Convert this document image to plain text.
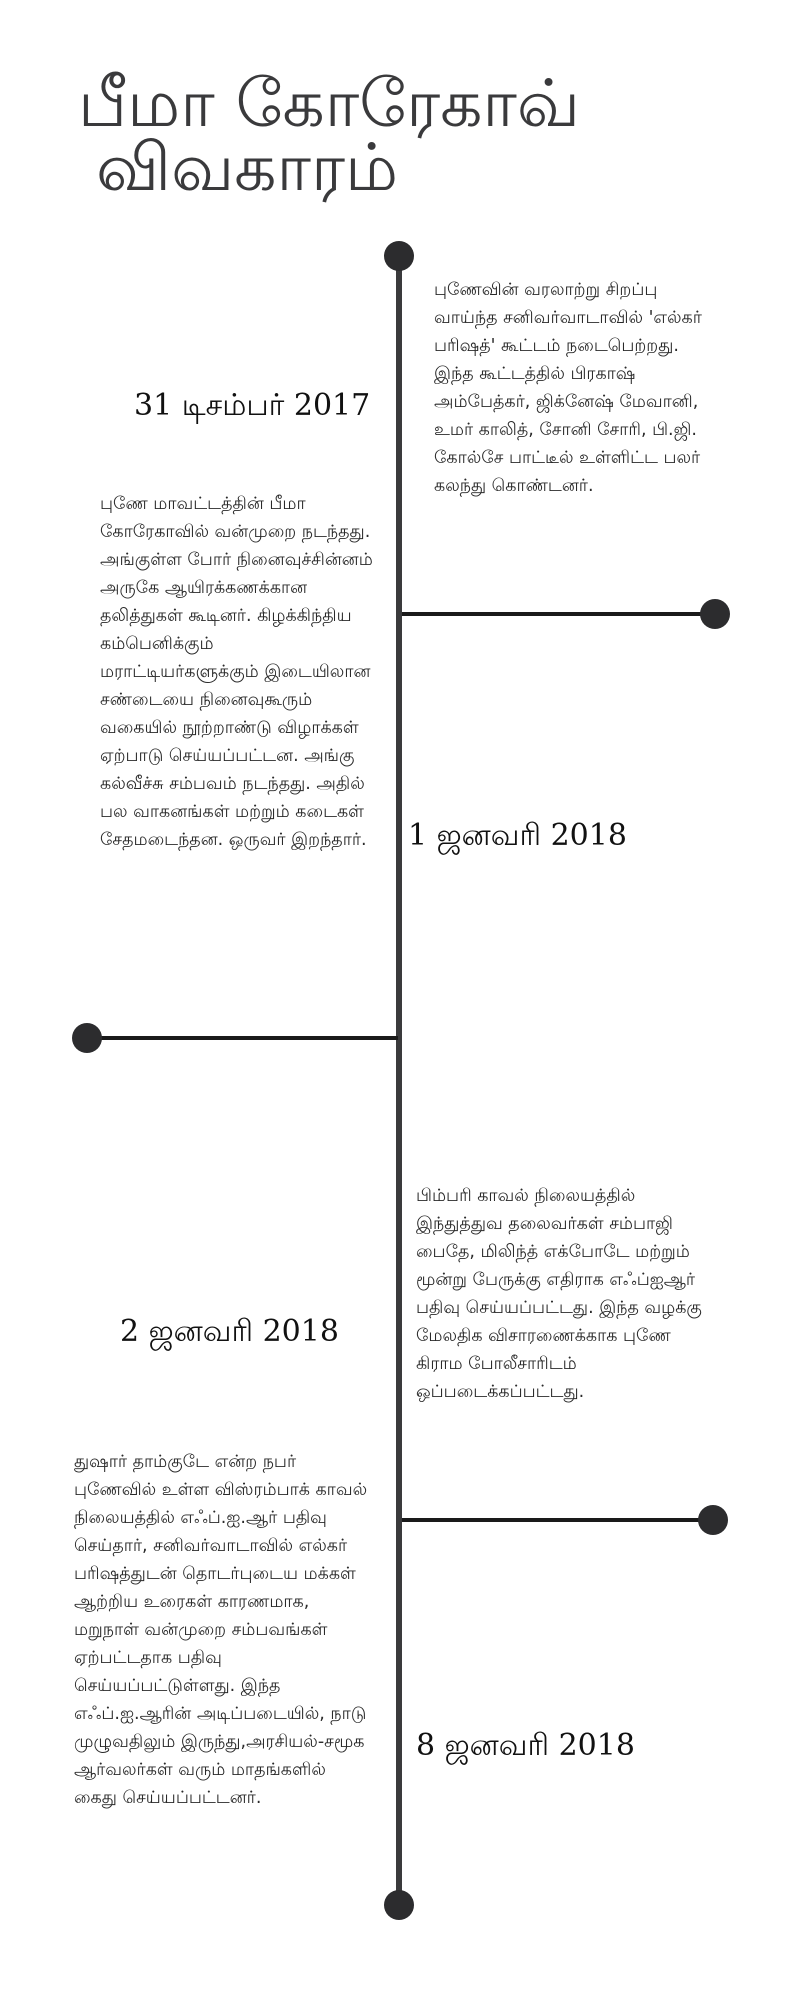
பீமா கோரேகாவ்
விவகாரம்
31 டிசம்பர் 2017

புணேவின் வரலாற்று சிறப்பு வாய்ந்த சனிவர்வாடாவில் 'எல்கர் பரிஷத்' கூட்டம் நடைபெற்றது. இந்த கூட்டத்தில் பிரகாஷ் அம்பேத்கர், ஜிக்னேஷ் மேவானி, உமர் காலித், சோனி சோரி, பி.ஜி. கோல்சே பாட்டீல் உள்ளிட்ட பலர் கலந்து கொண்டனர்.

1 ஜனவரி 2018

புணே மாவட்டத்தின் பீமா கோரேகாவில் வன்முறை நடந்தது. அங்குள்ள போர் நினைவுச்சின்னம் அருகே ஆயிரக்கணக்கான தலித்துகள் கூடினர். கிழக்கிந்திய கம்பெனிக்கும் மராட்டியர்களுக்கும் இடையிலான சண்டையை நினைவுகூரும் வகையில் நூற்றாண்டு விழாக்கள் ஏற்பாடு செய்யப்பட்டன. அங்கு கல்வீச்சு சம்பவம் நடந்தது. அதில் பல வாகனங்கள் மற்றும் கடைகள் சேதமடைந்தன. ஒருவர் இறந்தார்.

2 ஜனவரி 2018

பிம்பரி காவல் நிலையத்தில் இந்துத்துவ தலைவர்கள் சம்பாஜி பைதே, மிலிந்த் எக்போடே மற்றும் மூன்று பேருக்கு எதிராக எஃப்ஐஆர் பதிவு செய்யப்பட்டது. இந்த வழக்கு மேலதிக விசாரணைக்காக புணே கிராம போலீசாரிடம் ஒப்படைக்கப்பட்டது.

8 ஜனவரி 2018

துஷார் தாம்குடே என்ற நபர் புணேவில் உள்ள விஸ்ரம்பாக் காவல் நிலையத்தில் எஃப்.ஐ.ஆர் பதிவு செய்தார், சனிவர்வாடாவில் எல்கர் பரிஷத்துடன் தொடர்புடைய மக்கள் ஆற்றிய உரைகள் காரணமாக, மறுநாள் வன்முறை சம்பவங்கள் ஏற்பட்டதாக பதிவு செய்யப்பட்டுள்ளது. இந்த எஃப்.ஐ.ஆரின் அடிப்படையில், நாடு முழுவதிலும் இருந்து,அரசியல்-சமூக ஆர்வலர்கள் வரும் மாதங்களில் கைது செய்யப்பட்டனர்.
